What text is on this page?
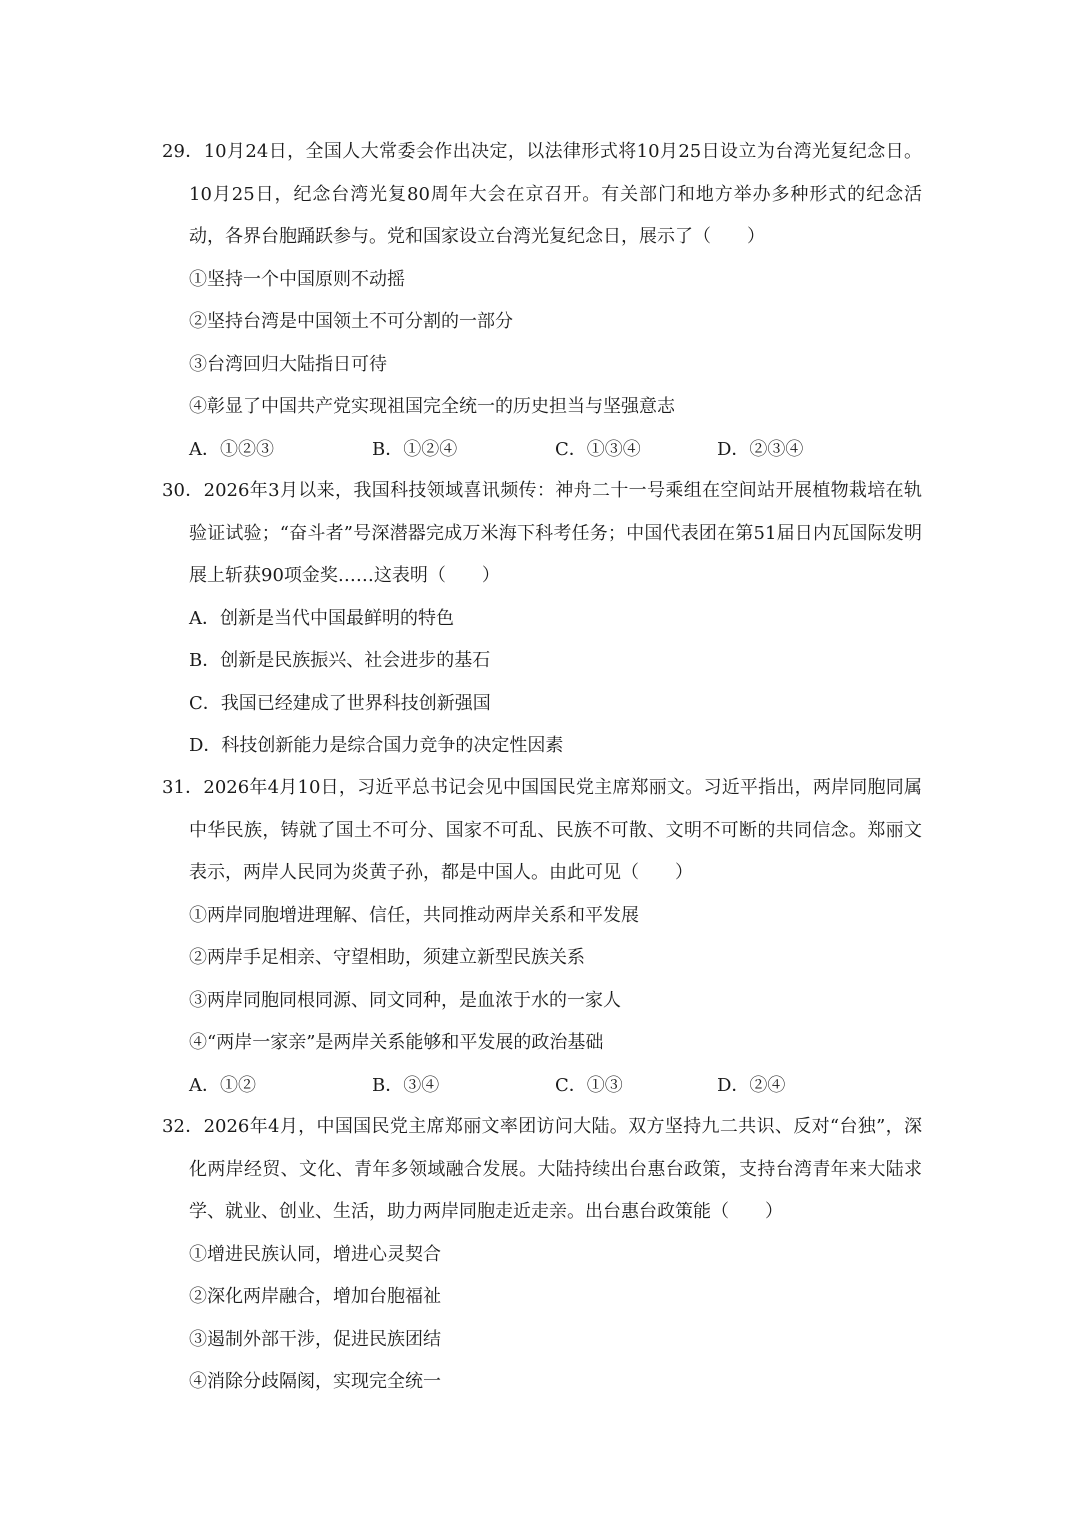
29．10月24日，全国人大常委会作出决定，以法律形式将10月25日设立为台湾光复纪念日。10月25日，纪念台湾光复80周年大会在京召开。有关部门和地方举办多种形式的纪念活动，各界台胞踊跃参与。党和国家设立台湾光复纪念日，展示了（　　）

①坚持一个中国原则不动摇

②坚持台湾是中国领土不可分割的一部分

③台湾回归大陆指日可待

④彰显了中国共产党实现祖国完全统一的历史担当与坚强意志

A．①②③	B．①②④	C．①③④	D．②③④

30．2026年3月以来，我国科技领域喜讯频传：神舟二十一号乘组在空间站开展植物栽培在轨验证试验；“奋斗者”号深潜器完成万米海下科考任务；中国代表团在第51届日内瓦国际发明展上斩获90项金奖……这表明（　　）

A．创新是当代中国最鲜明的特色

B．创新是民族振兴、社会进步的基石

C．我国已经建成了世界科技创新强国

D．科技创新能力是综合国力竞争的决定性因素

31．2026年4月10日，习近平总书记会见中国国民党主席郑丽文。习近平指出，两岸同胞同属中华民族，铸就了国土不可分、国家不可乱、民族不可散、文明不可断的共同信念。郑丽文表示，两岸人民同为炎黄子孙，都是中国人。由此可见（　　）

①两岸同胞增进理解、信任，共同推动两岸关系和平发展

②两岸手足相亲、守望相助，须建立新型民族关系

③两岸同胞同根同源、同文同种，是血浓于水的一家人

④“两岸一家亲”是两岸关系能够和平发展的政治基础

A．①②	B．③④	C．①③	D．②④

32．2026年4月，中国国民党主席郑丽文率团访问大陆。双方坚持九二共识、反对“台独”，深化两岸经贸、文化、青年多领域融合发展。大陆持续出台惠台政策，支持台湾青年来大陆求学、就业、创业、生活，助力两岸同胞走近走亲。出台惠台政策能（　　）

①增进民族认同，增进心灵契合

②深化两岸融合，增加台胞福祉

③遏制外部干涉，促进民族团结

④消除分歧隔阂，实现完全统一
